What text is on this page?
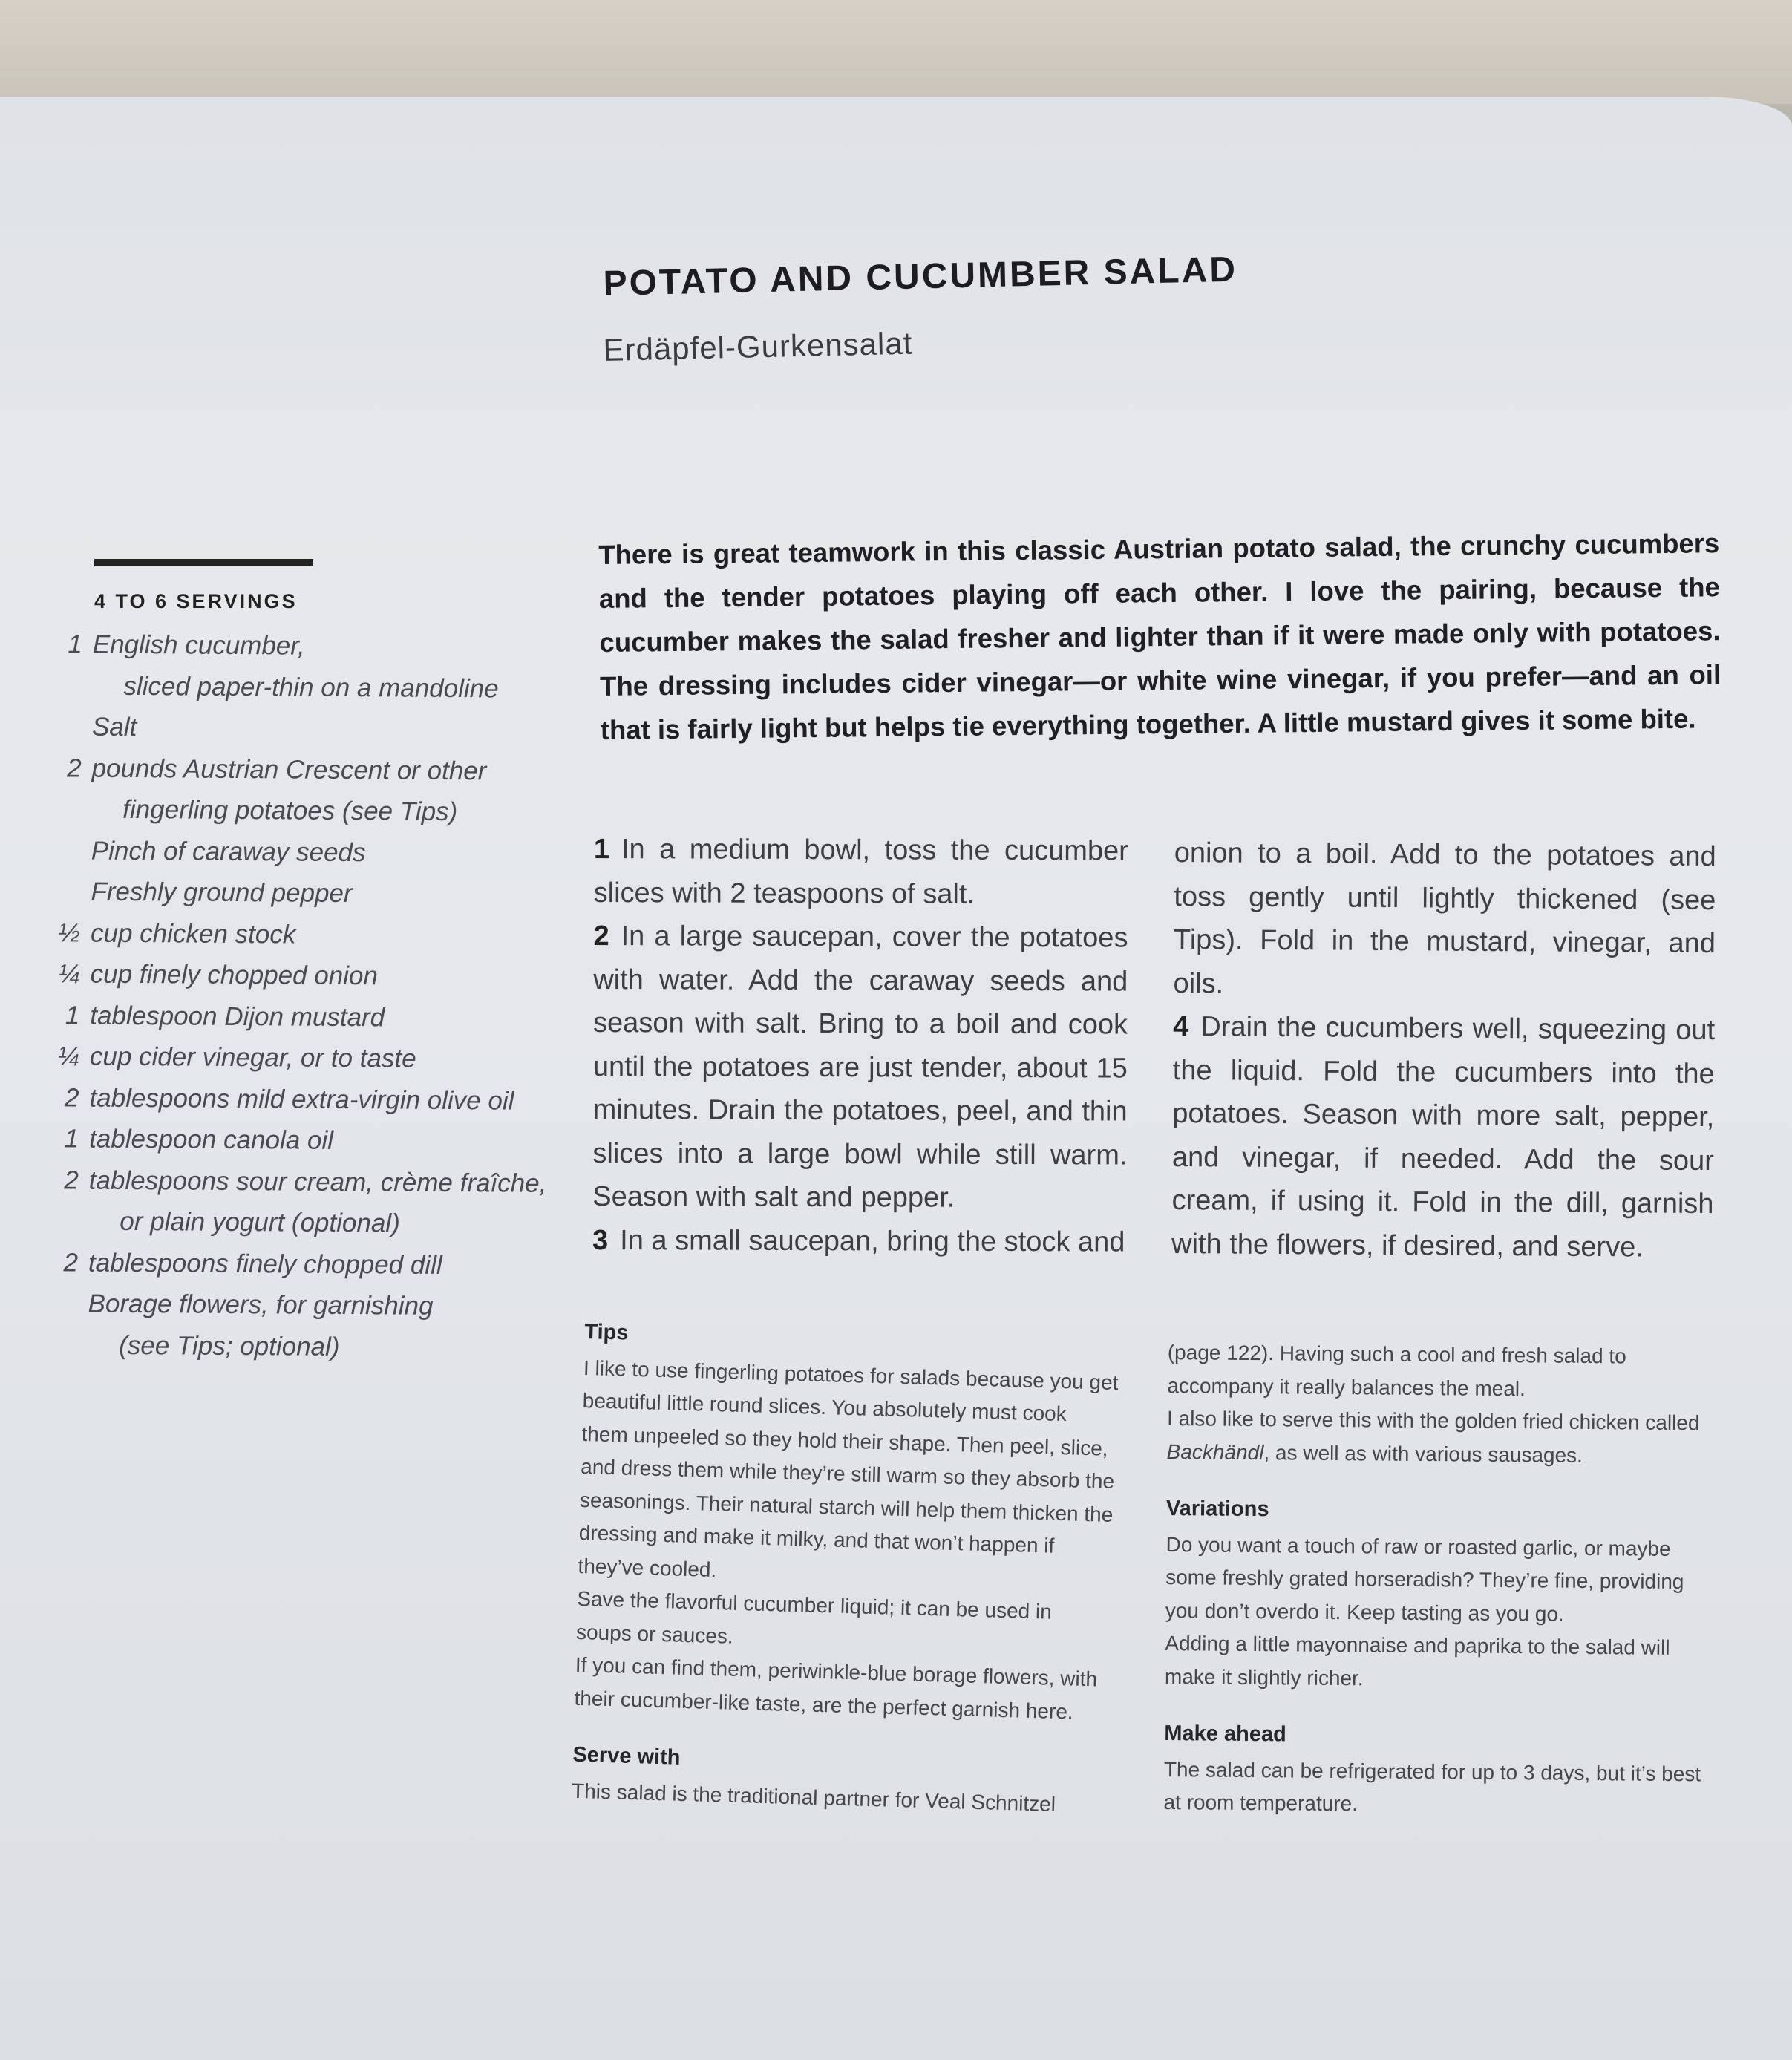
POTATO AND CUCUMBER SALAD
Erdäpfel-Gurkensalat
4 TO 6 SERVINGS
1 English cucumber,
sliced paper-thin on a mandoline
Salt
2 pounds Austrian Crescent or other
fingerling potatoes (see Tips)
Pinch of caraway seeds
Freshly ground pepper
½ cup chicken stock
¼ cup finely chopped onion
1 tablespoon Dijon mustard
¼ cup cider vinegar, or to taste
2 tablespoons mild extra-virgin olive oil
1 tablespoon canola oil
2 tablespoons sour cream, crème fraîche,
or plain yogurt (optional)
2 tablespoons finely chopped dill
Borage flowers, for garnishing
(see Tips; optional)
There is great teamwork in this classic Austrian potato salad, the crunchy cucumbers and the tender potatoes playing off each other. I love the pairing, because the cucumber makes the salad fresher and lighter than if it were made only with potatoes. The dressing includes cider vinegar—or white wine vinegar, if you prefer—and an oil that is fairly light but helps tie everything together. A little mustard gives it some bite.

1 In a medium bowl, toss the cucumber slices with 2 teaspoons of salt.

2 In a large saucepan, cover the potatoes with water. Add the caraway seeds and season with salt. Bring to a boil and cook until the potatoes are just tender, about 15 minutes. Drain the potatoes, peel, and thin slices into a large bowl while still warm. Season with salt and pepper.

3 In a small saucepan, bring the stock and

onion to a boil. Add to the potatoes and toss gently until lightly thickened (see Tips). Fold in the mustard, vinegar, and oils.

4 Drain the cucumbers well, squeezing out the liquid. Fold the cucumbers into the potatoes. Season with more salt, pepper, and vinegar, if needed. Add the sour cream, if using it. Fold in the dill, garnish with the flowers, if desired, and serve.

Tips

I like to use fingerling potatoes for salads because you get beautiful little round slices. You absolutely must cook them unpeeled so they hold their shape. Then peel, slice, and dress them while they’re still warm so they absorb the seasonings. Their natural starch will help them thicken the dressing and make it milky, and that won’t happen if they’ve cooled.

Save the flavorful cucumber liquid; it can be used in soups or sauces.

If you can find them, periwinkle-blue borage flowers, with their cucumber-like taste, are the perfect garnish here.

Serve with

This salad is the traditional partner for Veal Schnitzel

(page 122). Having such a cool and fresh salad to accompany it really balances the meal.

I also like to serve this with the golden fried chicken called Backhändl, as well as with various sausages.

Variations

Do you want a touch of raw or roasted garlic, or maybe some freshly grated horseradish? They’re fine, providing you don’t overdo it. Keep tasting as you go.

Adding a little mayonnaise and paprika to the salad will make it slightly richer.

Make ahead

The salad can be refrigerated for up to 3 days, but it’s best at room temperature.
